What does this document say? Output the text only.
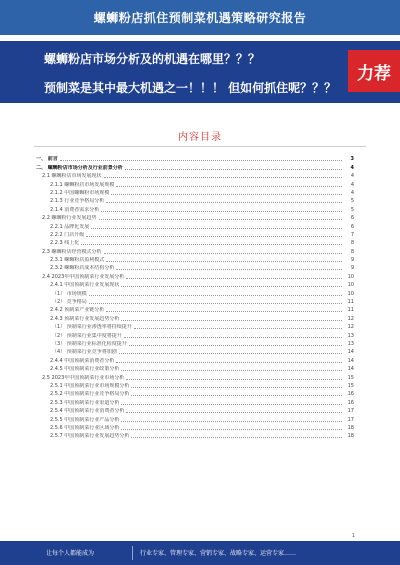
螺蛳粉店抓住预制菜机遇策略研究报告
螺蛳粉店市场分析及的机遇在哪里？？？
预制菜是其中最大机遇之一！！！ 但如何抓住呢？？？
力荐
内容目录
一、 前言	3
二、 螺蛳粉店市场分析及行业前景分析	4
2.1 螺蛳粉店市场发展现状	4
2.1.1 螺蛳粉店市场发展规模	4
2.1.2 中国螺蛳粉市场规模	4
2.1.3 行业竞争格局分析	5
2.1.4 消费者需求分析	5
2.2 螺蛳粉行业发展趋势	6
2.2.1 品牌化发展	6
2.2.2 门店升级	7
2.2.3 线上化	8
2.3 螺蛳粉店经营模式分析	8
2.3.1 螺蛳粉店盈利模式	9
2.3.2 螺蛳粉店成本结构分析	9
2.4 2023年中国预制菜行业发展分析	10
2.4.1 中国预制菜行业发展现状	10
（1） 市场规模	10
（2） 竞争格局	11
2.4.2 预制菜产业链分析	11
2.4.3 预制菜行业发展趋势分析	12
（1） 预制菜行业渗透率将持续提升	12
（2） 预制菜行业集中度将提升	13
（3） 预制菜行业标准化程度提升	13
（4） 预制菜行业竞争将加剧	14
2.4.4 中国预制菜消费者分析	14
2.4.5 中国预制菜行业政策分析	14
2.5 2023年中国预制菜行业市场分析	15
2.5.1 中国预制菜行业市场规模分析	15
2.5.2 中国预制菜行业竞争格局分析	16
2.5.3 中国预制菜行业渠道分析	16
2.5.4 中国预制菜行业消费者分析	17
2.5.5 中国预制菜行业产品分析	17
2.5.6 中国预制菜行业区域分析	18
2.5.7 中国预制菜行业发展趋势分析	18
1
让每个人都能成为	行业专家、管理专家、营销专家、战略专家、运营专家……
